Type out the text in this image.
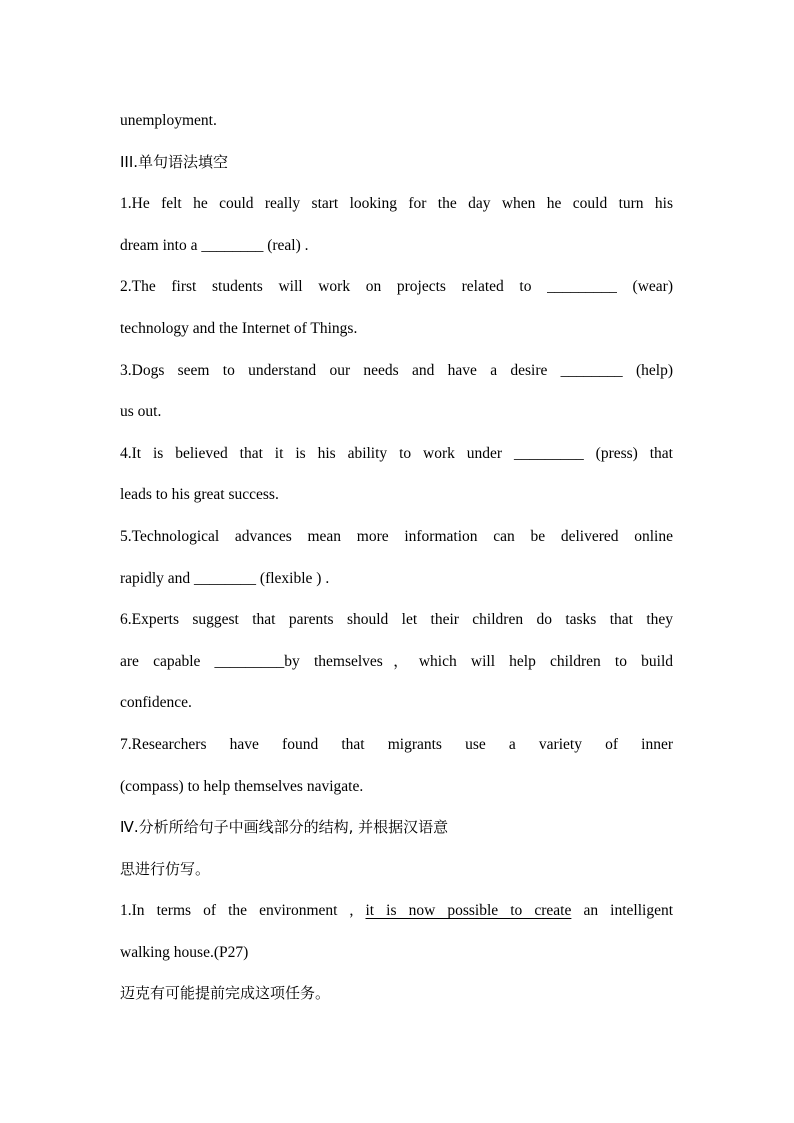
unemployment.
III.单句语法填空
1.He felt he could really start looking for the day when he could turn his
dream into a ________ (real) .
2.The first students will work on projects related to _________ (wear)
technology and the Internet of Things.
3.Dogs seem to understand our needs and have a desire ________ (help)
us out.
4.It is believed that it is his ability to work under _________ (press) that
leads to his great success.
5.Technological advances mean more information can be delivered online
rapidly and ________ (flexible ) .
6.Experts suggest that parents should let their children do tasks that they
are capable _________by themselves，which will help children to build
confidence.
7.Researchers have found that migrants use a variety of inner
(compass) to help themselves navigate.
Ⅳ.分析所给句子中画线部分的结构, 并根据汉语意
思进行仿写。
1.In terms of the environment , it is now possible to create an intelligent
walking house.(P27)
迈克有可能提前完成这项任务。
